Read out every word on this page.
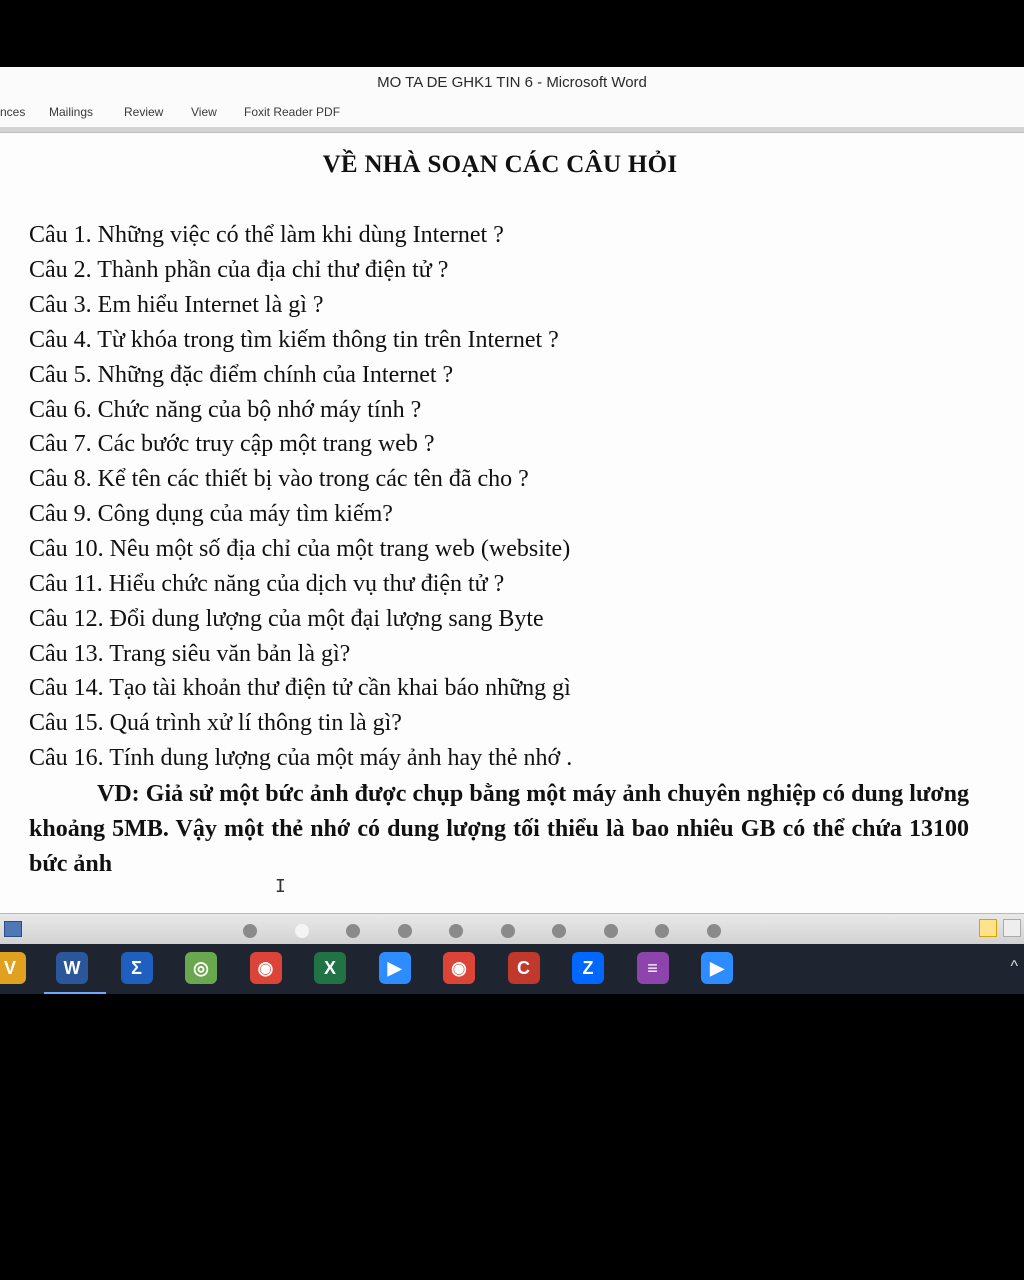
MO TA DE GHK1 TIN 6 - Microsoft Word
nces Mailings	Review View Foxit Reader PDF
VỀ NHÀ SOẠN CÁC CÂU HỎI
Câu 1. Những việc có thể làm khi dùng Internet ?
Câu 2. Thành phần của địa chỉ thư điện tử ?
Câu 3. Em hiểu Internet là gì ?
Câu 4. Từ khóa trong tìm kiếm thông tin trên Internet ?
Câu 5. Những đặc điểm chính của Internet ?
Câu 6. Chức năng của bộ nhớ máy tính ?
Câu 7. Các bước truy cập một trang web ?
Câu 8. Kể tên các thiết bị vào trong các tên đã cho ?
Câu 9. Công dụng của máy tìm kiếm?
Câu 10. Nêu một số địa chỉ của một trang web (website)
Câu 11. Hiểu chức năng của dịch vụ thư điện tử ?
Câu 12. Đổi dung lượng của một đại lượng sang Byte
Câu 13. Trang siêu văn bản là gì?
Câu 14. Tạo tài khoản thư điện tử cần khai báo những gì
Câu 15. Quá trình xử lí thông tin là gì?
Câu 16. Tính dung lượng của một máy ảnh hay thẻ nhớ .
VD: Giả sử một bức ảnh được chụp bằng một máy ảnh chuyên nghiệp có dung lương khoảng 5MB. Vậy một thẻ nhớ có dung lượng tối thiểu là bao nhiêu GB có thể chứa 13100 bức ảnh
I

V	W	Σ	◎	◉	X	▶	◉	C	Z	≡	▶	^
